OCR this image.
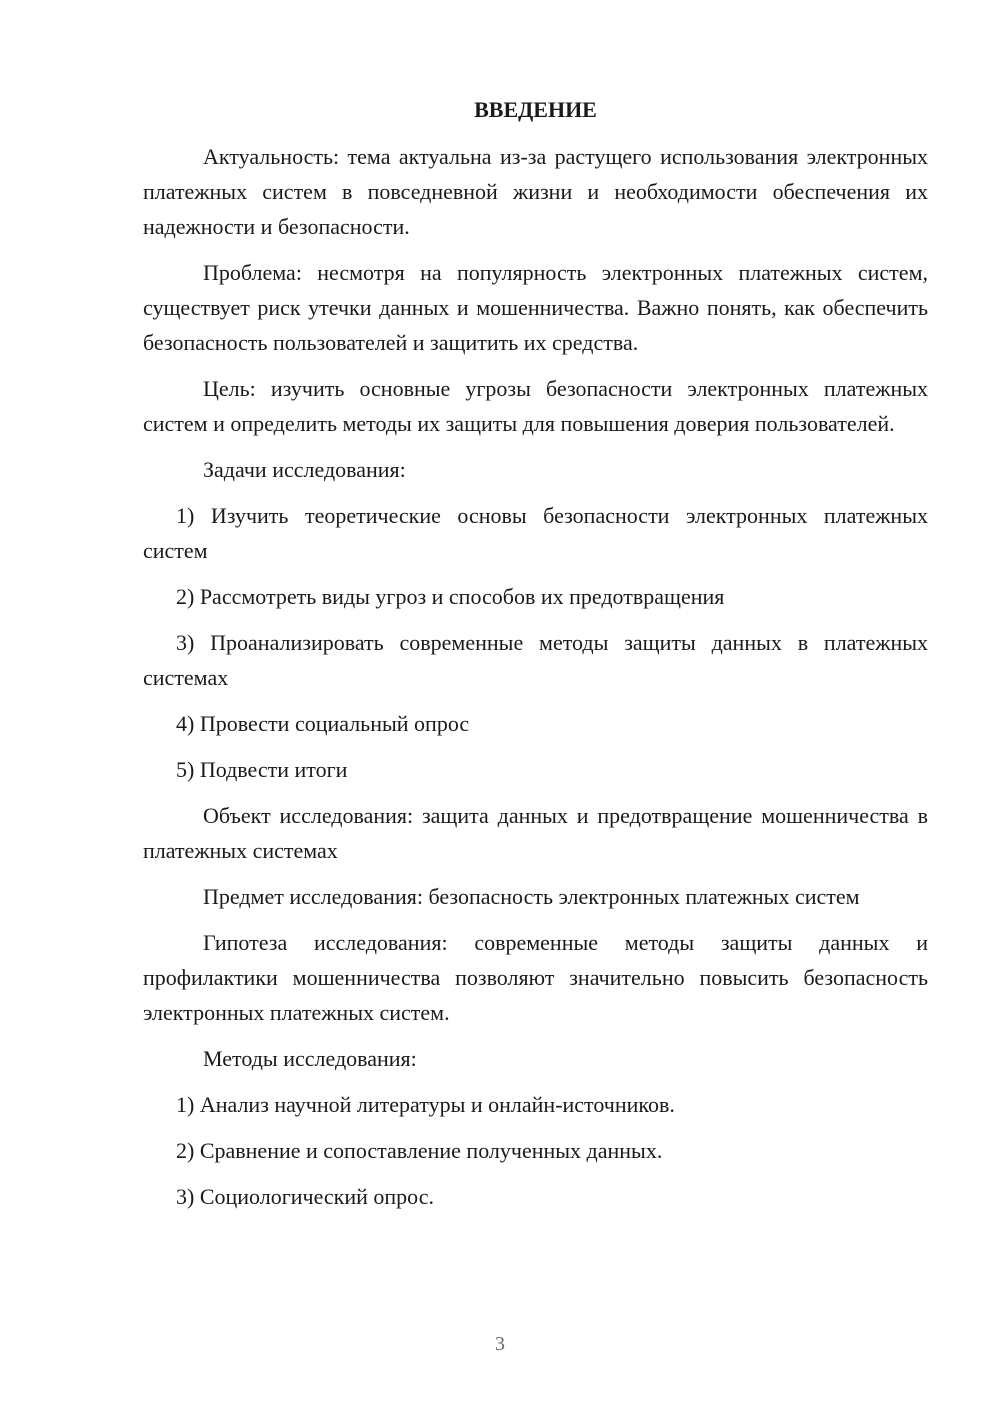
ВВЕДЕНИЕ

Актуальность: тема актуальна из-за растущего использования электронных платежных систем в повседневной жизни и необходимости обеспечения их надежности и безопасности.

Проблема: несмотря на популярность электронных платежных систем, существует риск утечки данных и мошенничества. Важно понять, как обеспечить безопасность пользователей и защитить их средства.

Цель: изучить основные угрозы безопасности электронных платежных систем и определить методы их защиты для повышения доверия пользователей.

Задачи исследования:

1) Изучить теоретические основы безопасности электронных платежных систем

2) Рассмотреть виды угроз и способов их предотвращения

3) Проанализировать современные методы защиты данных в платежных системах

4) Провести социальный опрос

5) Подвести итоги

Объект исследования: защита данных и предотвращение мошенничества в платежных системах

Предмет исследования: безопасность электронных платежных систем

Гипотеза исследования: современные методы защиты данных и профилактики мошенничества позволяют значительно повысить безопасность электронных платежных систем.

Методы исследования:

1) Анализ научной литературы и онлайн-источников.

2) Сравнение и сопоставление полученных данных.

3) Социологический опрос.

3
